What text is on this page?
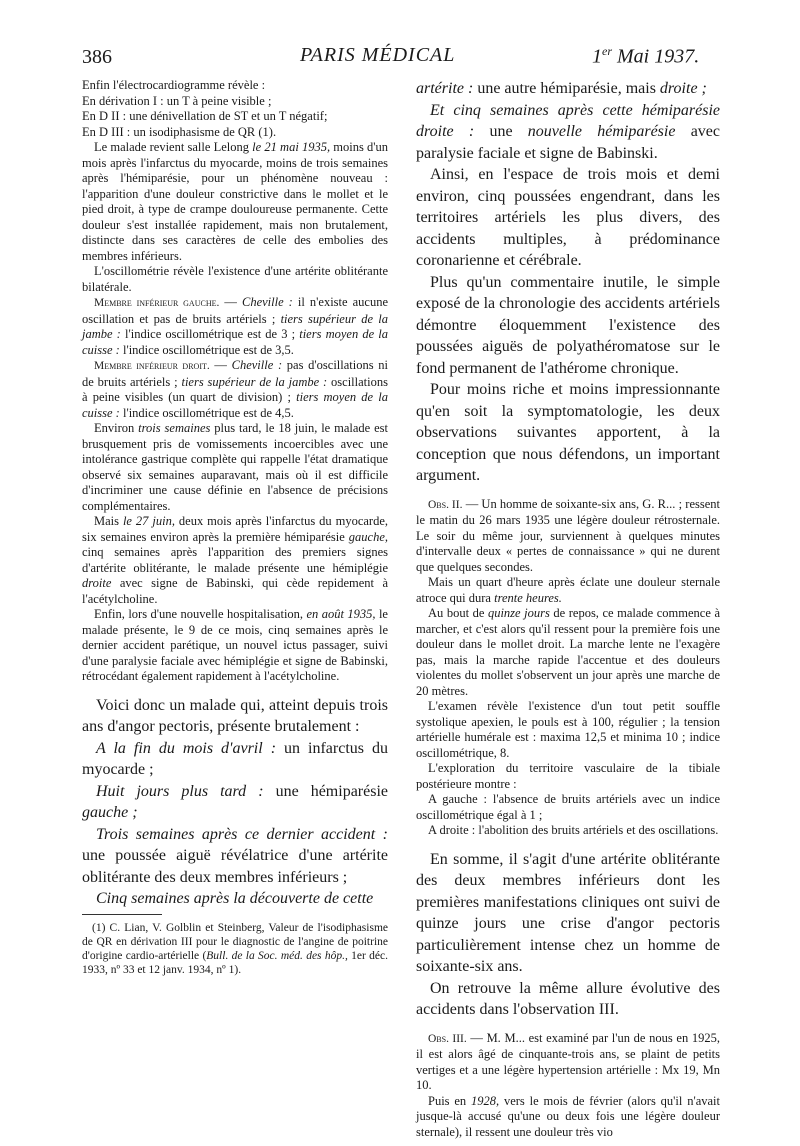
386	PARIS MÉDICAL	1er Mai 1937.

Enfin l'électrocardiogramme révèle :

En dérivation I : un T à peine visible ;

En D II : une dénivellation de ST et un T négatif;

En D III : un isodiphasisme de QR (1).

Le malade revient salle Lelong le 21 mai 1935, moins d'un mois après l'infarctus du myocarde, moins de trois semaines après l'hémiparésie, pour un phénomène nouveau : l'apparition d'une douleur constrictive dans le mollet et le pied droit, à type de crampe douloureuse permanente. Cette douleur s'est installée rapidement, mais non brutalement, distincte dans ses caractères de celle des embolies des membres inférieurs.

L'oscillométrie révèle l'existence d'une artérite oblitérante bilatérale.

Membre inférieur gauche. — Cheville : il n'existe aucune oscillation et pas de bruits artériels ; tiers supérieur de la jambe : l'indice oscillométrique est de 3 ; tiers moyen de la cuisse : l'indice oscillométrique est de 3,5.

Membre inférieur droit. — Cheville : pas d'oscillations ni de bruits artériels ; tiers supérieur de la jambe : oscillations à peine visibles (un quart de division) ; tiers moyen de la cuisse : l'indice oscillométrique est de 4,5.

Environ trois semaines plus tard, le 18 juin, le malade est brusquement pris de vomissements incoercibles avec une intolérance gastrique complète qui rappelle l'état dramatique observé six semaines auparavant, mais où il est difficile d'incriminer une cause définie en l'absence de précisions complémentaires.

Mais le 27 juin, deux mois après l'infarctus du myocarde, six semaines environ après la première hémiparésie gauche, cinq semaines après l'apparition des premiers signes d'artérite oblitérante, le malade présente une hémiplégie droite avec signe de Babinski, qui cède repidement à l'acétylcholine.

Enfin, lors d'une nouvelle hospitalisation, en août 1935, le malade présente, le 9 de ce mois, cinq semaines après le dernier accident parétique, un nouvel ictus passager, suivi d'une paralysie faciale avec hémiplégie et signe de Babinski, rétrocédant également rapidement à l'acétylcholine.

Voici donc un malade qui, atteint depuis trois ans d'angor pectoris, présente brutalement :

A la fin du mois d'avril : un infarctus du myocarde ;

Huit jours plus tard : une hémiparésie gauche ;

Trois semaines après ce dernier accident : une poussée aiguë révélatrice d'une artérite oblitérante des deux membres inférieurs ;

Cinq semaines après la découverte de cette

(1) C. Lian, V. Golblin et Steinberg, Valeur de l'isodiphasisme de QR en dérivation III pour le diagnostic de l'angine de poitrine d'origine cardio-artérielle (Bull. de la Soc. méd. des hôp., 1er déc. 1933, nº 33 et 12 janv. 1934, nº 1).

artérite : une autre hémiparésie, mais droite ;

Et cinq semaines après cette hémiparésie droite : une nouvelle hémiparésie avec paralysie faciale et signe de Babinski.

Ainsi, en l'espace de trois mois et demi environ, cinq poussées engendrant, dans les territoires artériels les plus divers, des accidents multiples, à prédominance coronarienne et cérébrale.

Plus qu'un commentaire inutile, le simple exposé de la chronologie des accidents artériels démontre éloquemment l'existence des poussées aiguës de polyathéromatose sur le fond permanent de l'athérome chronique.

Pour moins riche et moins impressionnante qu'en soit la symptomatologie, les deux observations suivantes apportent, à la conception que nous défendons, un important argument.

Obs. II. — Un homme de soixante-six ans, G. R... ; ressent le matin du 26 mars 1935 une légère douleur rétrosternale. Le soir du même jour, surviennent à quelques minutes d'intervalle deux « pertes de connaissance » qui ne durent que quelques secondes.

Mais un quart d'heure après éclate une douleur sternale atroce qui dura trente heures.

Au bout de quinze jours de repos, ce malade commence à marcher, et c'est alors qu'il ressent pour la première fois une douleur dans le mollet droit. La marche lente ne l'exagère pas, mais la marche rapide l'accentue et des douleurs violentes du mollet s'observent un jour après une marche de 20 mètres.

L'examen révèle l'existence d'un tout petit souffle systolique apexien, le pouls est à 100, régulier ; la tension artérielle humérale est : maxima 12,5 et minima 10 ; indice oscillométrique, 8.

L'exploration du territoire vasculaire de la tibiale postérieure montre :

A gauche : l'absence de bruits artériels avec un indice oscillométrique égal à 1 ;

A droite : l'abolition des bruits artériels et des oscillations.

En somme, il s'agit d'une artérite oblitérante des deux membres inférieurs dont les premières manifestations cliniques ont suivi de quinze jours une crise d'angor pectoris particulièrement intense chez un homme de soixante-six ans.

On retrouve la même allure évolutive des accidents dans l'observation III.

Obs. III. — M. M... est examiné par l'un de nous en 1925, il est alors âgé de cinquante-trois ans, se plaint de petits vertiges et a une légère hypertension artérielle : Mx 19, Mn 10.

Puis en 1928, vers le mois de février (alors qu'il n'avait jusque-là accusé qu'une ou deux fois une légère douleur sternale), il ressent une douleur très vio
